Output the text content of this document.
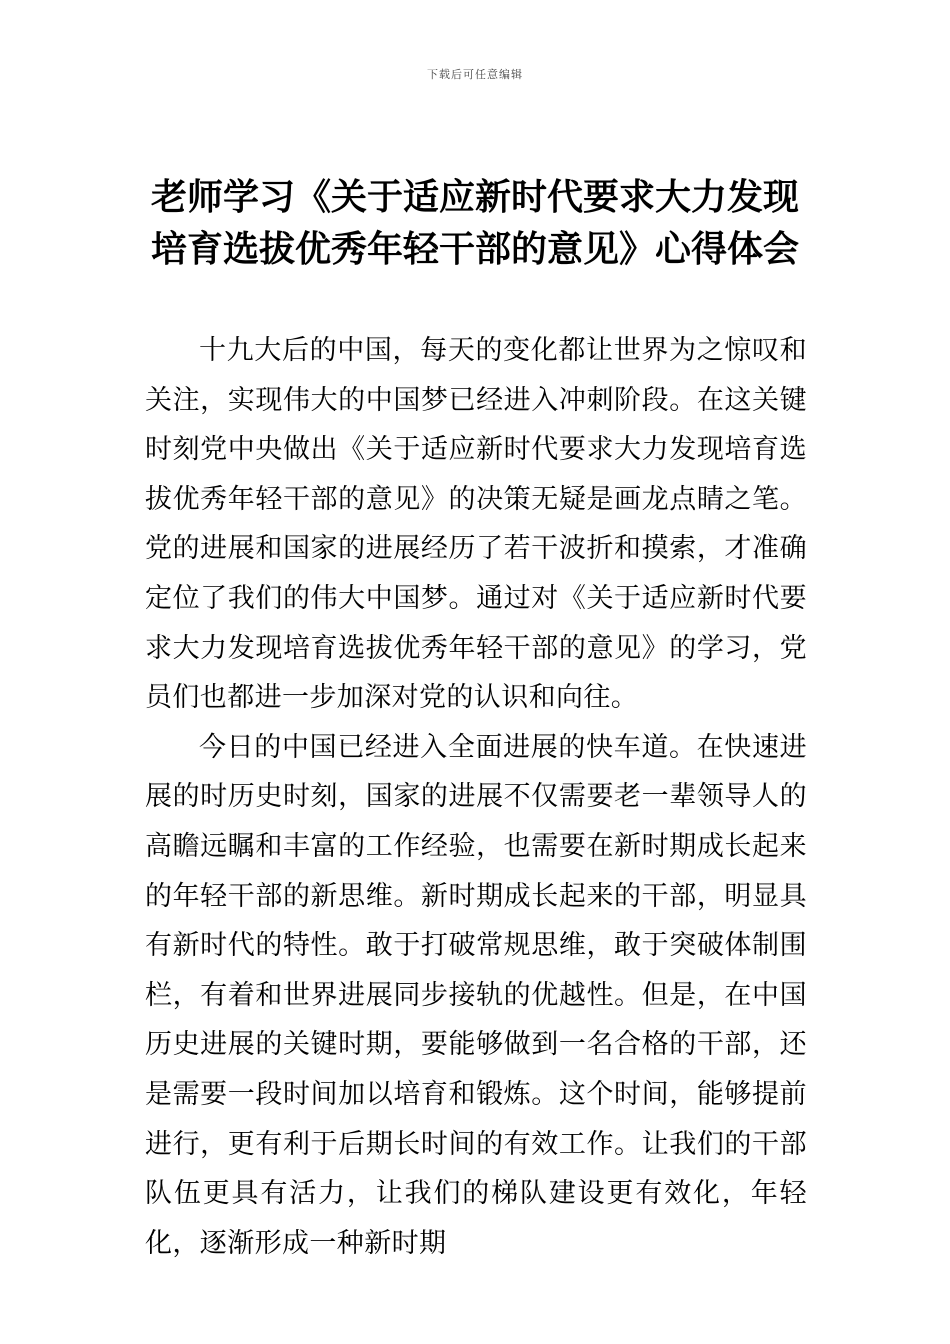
下载后可任意编辑
老师学习《关于适应新时代要求大力发现
培育选拔优秀年轻干部的意见》心得体会

十九大后的中国，每天的变化都让世界为之惊叹和关注，实现伟大的中国梦已经进入冲刺阶段。在这关键时刻党中央做出《关于适应新时代要求大力发现培育选拔优秀年轻干部的意见》的决策无疑是画龙点睛之笔。党的进展和国家的进展经历了若干波折和摸索，才准确定位了我们的伟大中国梦。通过对《关于适应新时代要求大力发现培育选拔优秀年轻干部的意见》的学习，党员们也都进一步加深对党的认识和向往。

今日的中国已经进入全面进展的快车道。在快速进展的时历史时刻，国家的进展不仅需要老一辈领导人的高瞻远瞩和丰富的工作经验，也需要在新时期成长起来的年轻干部的新思维。新时期成长起来的干部，明显具有新时代的特性。敢于打破常规思维，敢于突破体制围栏，有着和世界进展同步接轨的优越性。但是，在中国历史进展的关键时期，要能够做到一名合格的干部，还是需要一段时间加以培育和锻炼。这个时间，能够提前进行，更有利于后期长时间的有效工作。让我们的干部队伍更具有活力，让我们的梯队建设更有效化，年轻化，逐渐形成一种新时期
